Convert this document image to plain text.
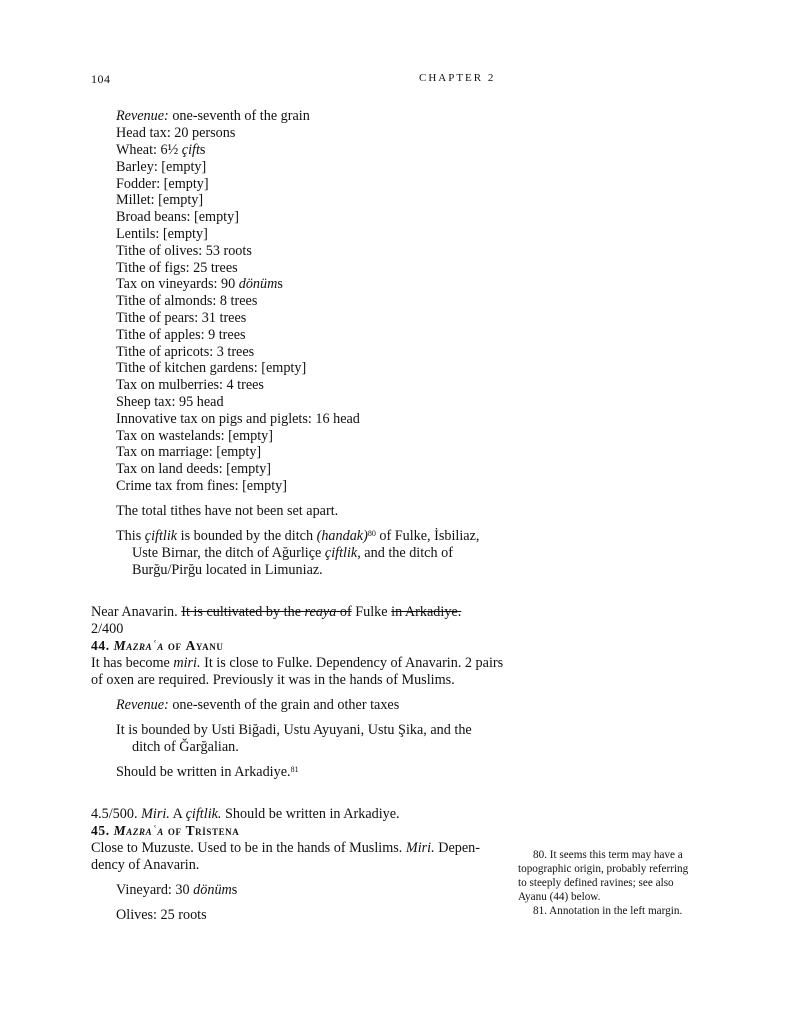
104	CHAPTER 2
Revenue: one-seventh of the grain
Head tax: 20 persons
Wheat: 6½ çifts
Barley: [empty]
Fodder: [empty]
Millet: [empty]
Broad beans: [empty]
Lentils: [empty]
Tithe of olives: 53 roots
Tithe of figs: 25 trees
Tax on vineyards: 90 dönüms
Tithe of almonds: 8 trees
Tithe of pears: 31 trees
Tithe of apples: 9 trees
Tithe of apricots: 3 trees
Tithe of kitchen gardens: [empty]
Tax on mulberries: 4 trees
Sheep tax: 95 head
Innovative tax on pigs and piglets: 16 head
Tax on wastelands: [empty]
Tax on marriage: [empty]
Tax on land deeds: [empty]
Crime tax from fines: [empty]
The total tithes have not been set apart.
This çiftlik is bounded by the ditch (handak)$^{80}$ of Fulke, İsbiliaz,
Uste Birnar, the ditch of Ağurliçe çiftlik, and the ditch of
Burğu/Pirğu located in Limuniaz.
Near Anavarin. It is cultivated by the reaya of Fulke in Arkadiye.
2/400
44. Mazraʿa of Ayanu
It has become miri. It is close to Fulke. Dependency of Anavarin. 2 pairs
of oxen are required. Previously it was in the hands of Muslims.
Revenue: one-seventh of the grain and other taxes
It is bounded by Usti Biğadi, Ustu Ayuyani, Ustu Şika, and the
ditch of Ğarğalian.
Should be written in Arkadiye.$^{81}$
4.5/500. Miri. A çiftlik. Should be written in Arkadiye.
45. Mazraʿa of Trìstena
Close to Muzuste. Used to be in the hands of Muslims. Miri. Depen-
dency of Anavarin.
Vineyard: 30 dönüms
Olives: 25 roots
80. It seems this term may have a
topographic origin, probably referring
to steeply defined ravines; see also
Ayanu (44) below.
81. Annotation in the left margin.
